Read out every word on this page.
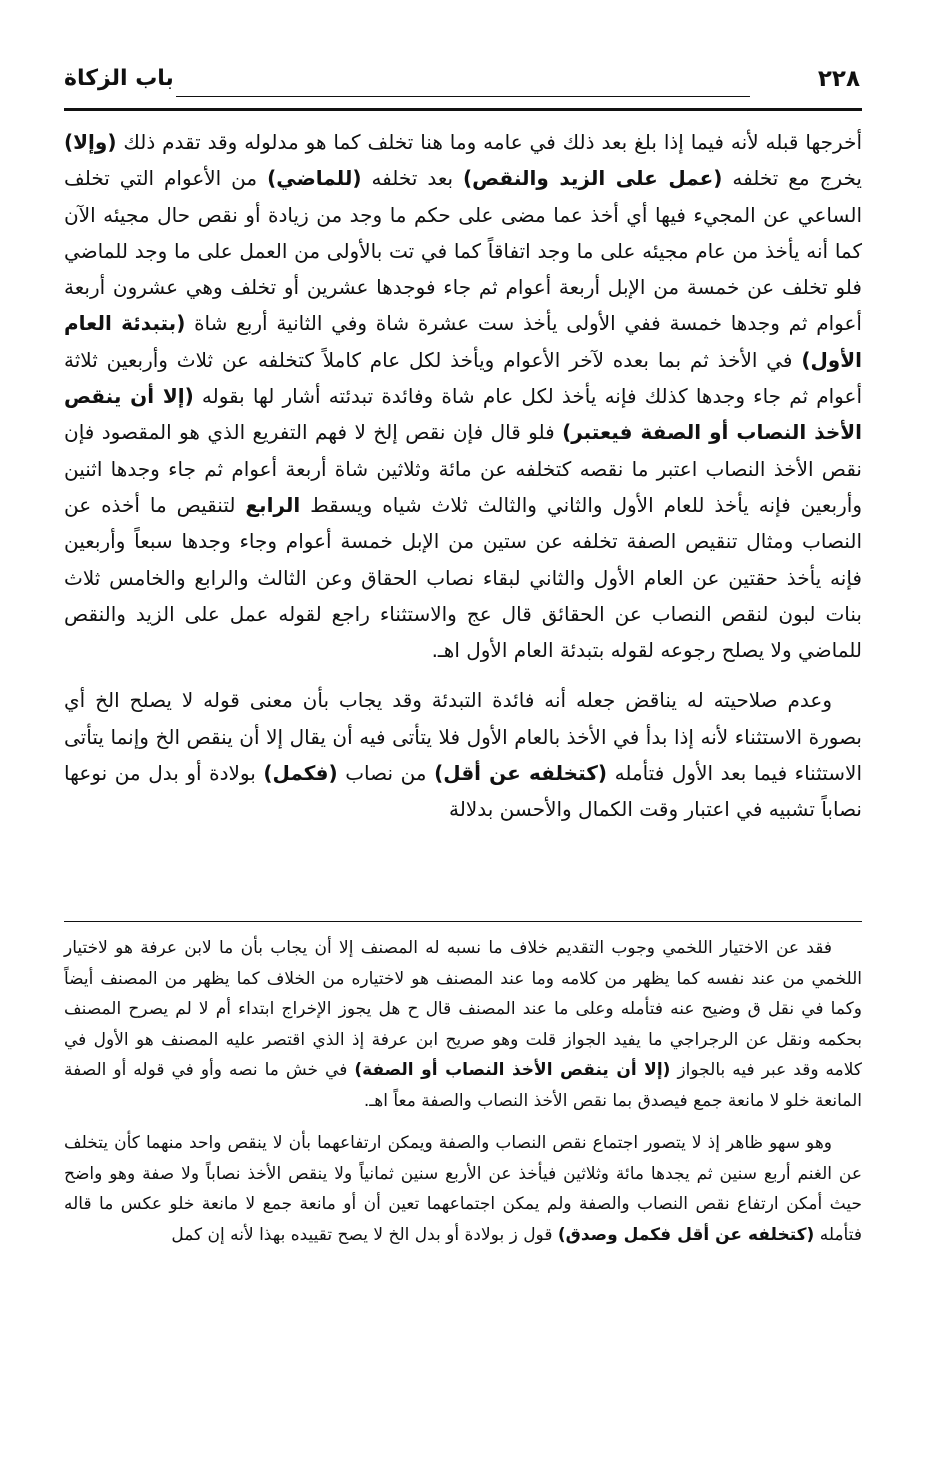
٢٢٨
باب الزكاة

أخرجها قبله لأنه فيما إذا بلغ بعد ذلك في عامه وما هنا تخلف كما هو مدلوله وقد تقدم ذلك (وإلا) يخرج مع تخلفه (عمل على الزيد والنقص) بعد تخلفه (للماضي) من الأعوام التي تخلف الساعي عن المجيء فيها أي أخذ عما مضى على حكم ما وجد من زيادة أو نقص حال مجيئه الآن كما أنه يأخذ من عام مجيئه على ما وجد اتفاقاً كما في تت بالأولى من العمل على ما وجد للماضي فلو تخلف عن خمسة من الإبل أربعة أعوام ثم جاء فوجدها عشرين أو تخلف وهي عشرون أربعة أعوام ثم وجدها خمسة ففي الأولى يأخذ ست عشرة شاة وفي الثانية أربع شاة (بتبدئة العام الأول) في الأخذ ثم بما بعده لآخر الأعوام ويأخذ لكل عام كاملاً كتخلفه عن ثلاث وأربعين ثلاثة أعوام ثم جاء وجدها كذلك فإنه يأخذ لكل عام شاة وفائدة تبدئته أشار لها بقوله (إلا أن ينقص الأخذ النصاب أو الصفة فيعتبر) فلو قال فإن نقص إلخ لا فهم التفريع الذي هو المقصود فإن نقص الأخذ النصاب اعتبر ما نقصه كتخلفه عن مائة وثلاثين شاة أربعة أعوام ثم جاء وجدها اثنين وأربعين فإنه يأخذ للعام الأول والثاني والثالث ثلاث شياه ويسقط الرابع لتنقيص ما أخذه عن النصاب ومثال تنقيص الصفة تخلفه عن ستين من الإبل خمسة أعوام وجاء وجدها سبعاً وأربعين فإنه يأخذ حقتين عن العام الأول والثاني لبقاء نصاب الحقاق وعن الثالث والرابع والخامس ثلاث بنات لبون لنقص النصاب عن الحقائق قال عج والاستثناء راجع لقوله عمل على الزيد والنقص للماضي ولا يصلح رجوعه لقوله بتبدئة العام الأول اهـ.

وعدم صلاحيته له يناقض جعله أنه فائدة التبدئة وقد يجاب بأن معنى قوله لا يصلح الخ أي بصورة الاستثناء لأنه إذا بدأ في الأخذ بالعام الأول فلا يتأتى فيه أن يقال إلا أن ينقص الخ وإنما يتأتى الاستثناء فيما بعد الأول فتأمله (كتخلفه عن أقل) من نصاب (فكمل) بولادة أو بدل من نوعها نصاباً تشبيه في اعتبار وقت الكمال والأحسن بدلالة

فقد عن الاختيار اللخمي وجوب التقديم خلاف ما نسبه له المصنف إلا أن يجاب بأن ما لابن عرفة هو لاختيار اللخمي من عند نفسه كما يظهر من كلامه وما عند المصنف هو لاختياره من الخلاف كما يظهر من المصنف أيضاً وكما في نقل ق وضيح عنه فتأمله وعلى ما عند المصنف قال ح هل يجوز الإخراج ابتداء أم لا لم يصرح المصنف بحكمه ونقل عن الرجراجي ما يفيد الجواز قلت وهو صريح ابن عرفة إذ الذي اقتصر عليه المصنف هو الأول في كلامه وقد عبر فيه بالجواز (إلا أن ينقص الأخذ النصاب أو الصفة) في خش ما نصه وأو في قوله أو الصفة المانعة خلو لا مانعة جمع فيصدق بما نقص الأخذ النصاب والصفة معاً اهـ.

وهو سهو ظاهر إذ لا يتصور اجتماع نقص النصاب والصفة ويمكن ارتفاعهما بأن لا ينقص واحد منهما كأن يتخلف عن الغنم أربع سنين ثم يجدها مائة وثلاثين فيأخذ عن الأربع سنين ثمانياً ولا ينقص الأخذ نصاباً ولا صفة وهو واضح حيث أمكن ارتفاع نقص النصاب والصفة ولم يمكن اجتماعهما تعين أن أو مانعة جمع لا مانعة خلو عكس ما قاله فتأمله (كتخلفه عن أقل فكمل وصدق) قول ز بولادة أو بدل الخ لا يصح تقييده بهذا لأنه إن كمل
